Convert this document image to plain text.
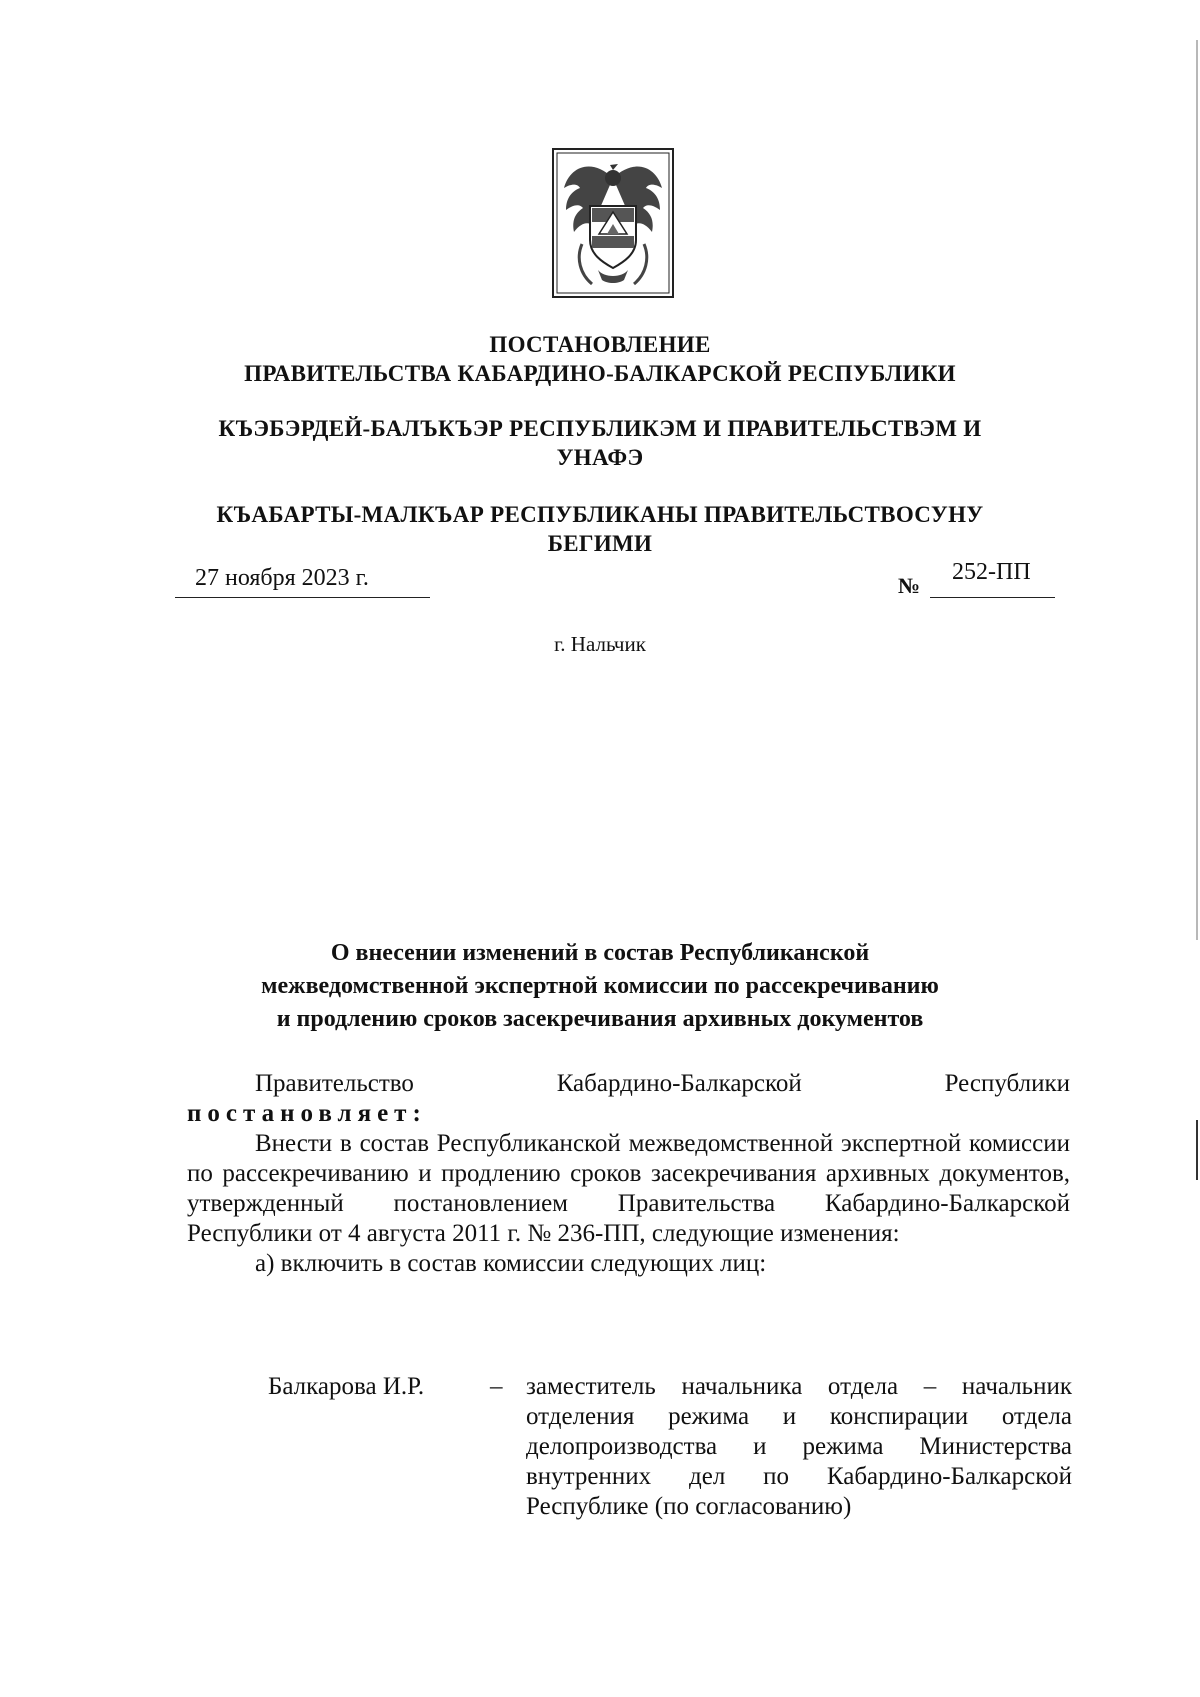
ПОСТАНОВЛЕНИЕ
ПРАВИТЕЛЬСТВА КАБАРДИНО-БАЛКАРСКОЙ РЕСПУБЛИКИ
КЪЭБЭРДЕЙ-БАЛЪКЪЭР РЕСПУБЛИКЭМ И ПРАВИТЕЛЬСТВЭМ И
УНАФЭ
КЪАБАРТЫ-МАЛКЪАР РЕСПУБЛИКАНЫ ПРАВИТЕЛЬСТВОСУНУ
БЕГИМИ
27 ноября 2023 г.	№
252-ПП
г. Нальчик
О внесении изменений в состав Республиканской
межведомственной экспертной комиссии по рассекречиванию
и продлению сроков засекречивания архивных документов
Правительство	Кабардино-Балкарской	Республики
постановляет:
Внести в состав Республиканской межведомственной экспертной комиссии по рассекречиванию и продлению сроков засекречивания архивных документов, утвержденный постановлением Правительства Кабардино-Балкарской Республики от 4 августа 2011 г. № 236-ПП, следующие изменения:
а) включить в состав комиссии следующих лиц:
Балкарова И.Р.	– заместитель начальника отдела – начальник отделения режима и конспирации отдела делопроизводства и режима Министерства внутренних дел по Кабардино-Балкарской Республике (по согласованию)
